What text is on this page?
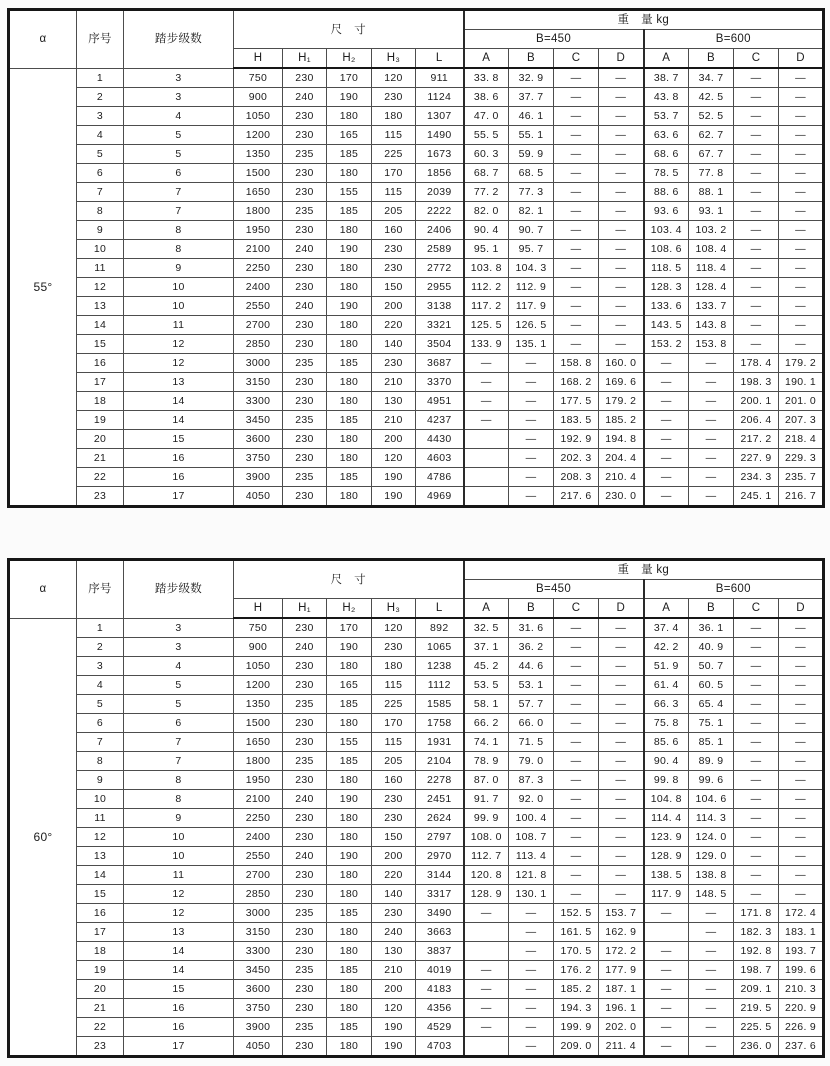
α	序号	踏步级数	尺　寸					重　量 kg							
								B=450				B=600			
			H	H₁	H₂	H₃	L	A	B	C	D	A	B	C	D
55°	1	3	750	230	170	120	911	33. 8	32. 9	—	—	38. 7	34. 7	—	—
	2	3	900	240	190	230	1124	38. 6	37. 7	—	—	43. 8	42. 5	—	—
	3	4	1050	230	180	180	1307	47. 0	46. 1	—	—	53. 7	52. 5	—	—
	4	5	1200	230	165	115	1490	55. 5	55. 1	—	—	63. 6	62. 7	—	—
	5	5	1350	235	185	225	1673	60. 3	59. 9	—	—	68. 6	67. 7	—	—
	6	6	1500	230	180	170	1856	68. 7	68. 5	—	—	78. 5	77. 8	—	—
	7	7	1650	230	155	115	2039	77. 2	77. 3	—	—	88. 6	88. 1	—	—
	8	7	1800	235	185	205	2222	82. 0	82. 1	—	—	93. 6	93. 1	—	—
	9	8	1950	230	180	160	2406	90. 4	90. 7	—	—	103. 4	103. 2	—	—
	10	8	2100	240	190	230	2589	95. 1	95. 7	—	—	108. 6	108. 4	—	—
	11	9	2250	230	180	230	2772	103. 8	104. 3	—	—	118. 5	118. 4	—	—
	12	10	2400	230	180	150	2955	112. 2	112. 9	—	—	128. 3	128. 4	—	—
	13	10	2550	240	190	200	3138	117. 2	117. 9	—	—	133. 6	133. 7	—	—
	14	11	2700	230	180	220	3321	125. 5	126. 5	—	—	143. 5	143. 8	—	—
	15	12	2850	230	180	140	3504	133. 9	135. 1	—	—	153. 2	153. 8	—	—
	16	12	3000	235	185	230	3687	—	—	158. 8	160. 0	—	—	178. 4	179. 2
	17	13	3150	230	180	210	3370	—	—	168. 2	169. 6	—	—	198. 3	190. 1
	18	14	3300	230	180	130	4951	—	—	177. 5	179. 2	—	—	200. 1	201. 0
	19	14	3450	235	185	210	4237	—	—	183. 5	185. 2	—	—	206. 4	207. 3
	20	15	3600	230	180	200	4430		—	192. 9	194. 8	—	—	217. 2	218. 4
	21	16	3750	230	180	120	4603		—	202. 3	204. 4	—	—	227. 9	229. 3
	22	16	3900	235	185	190	4786		—	208. 3	210. 4	—	—	234. 3	235. 7
	23	17	4050	230	180	190	4969		—	217. 6	230. 0	—	—	245. 1	216. 7
α	序号	踏步级数	尺　寸					重　量 kg							
								B=450				B=600			
			H	H₁	H₂	H₃	L	A	B	C	D	A	B	C	D
60°	1	3	750	230	170	120	892	32. 5	31. 6	—	—	37. 4	36. 1	—	—
	2	3	900	240	190	230	1065	37. 1	36. 2	—	—	42. 2	40. 9	—	—
	3	4	1050	230	180	180	1238	45. 2	44. 6	—	—	51. 9	50. 7	—	—
	4	5	1200	230	165	115	1112	53. 5	53. 1	—	—	61. 4	60. 5	—	—
	5	5	1350	235	185	225	1585	58. 1	57. 7	—	—	66. 3	65. 4	—	—
	6	6	1500	230	180	170	1758	66. 2	66. 0	—	—	75. 8	75. 1	—	—
	7	7	1650	230	155	115	1931	74. 1	71. 5	—	—	85. 6	85. 1	—	—
	8	7	1800	235	185	205	2104	78. 9	79. 0	—	—	90. 4	89. 9	—	—
	9	8	1950	230	180	160	2278	87. 0	87. 3	—	—	99. 8	99. 6	—	—
	10	8	2100	240	190	230	2451	91. 7	92. 0	—	—	104. 8	104. 6	—	—
	11	9	2250	230	180	230	2624	99. 9	100. 4	—	—	114. 4	114. 3	—	—
	12	10	2400	230	180	150	2797	108. 0	108. 7	—	—	123. 9	124. 0	—	—
	13	10	2550	240	190	200	2970	112. 7	113. 4	—	—	128. 9	129. 0	—	—
	14	11	2700	230	180	220	3144	120. 8	121. 8	—	—	138. 5	138. 8	—	—
	15	12	2850	230	180	140	3317	128. 9	130. 1	—	—	117. 9	148. 5	—	—
	16	12	3000	235	185	230	3490	—	—	152. 5	153. 7	—	—	171. 8	172. 4
	17	13	3150	230	180	240	3663		—	161. 5	162. 9		—	182. 3	183. 1
	18	14	3300	230	180	130	3837		—	170. 5	172. 2	—	—	192. 8	193. 7
	19	14	3450	235	185	210	4019	—	—	176. 2	177. 9	—	—	198. 7	199. 6
	20	15	3600	230	180	200	4183	—	—	185. 2	187. 1	—	—	209. 1	210. 3
	21	16	3750	230	180	120	4356	—	—	194. 3	196. 1	—	—	219. 5	220. 9
	22	16	3900	235	185	190	4529	—	—	199. 9	202. 0	—	—	225. 5	226. 9
	23	17	4050	230	180	190	4703		—	209. 0	211. 4	—	—	236. 0	237. 6
